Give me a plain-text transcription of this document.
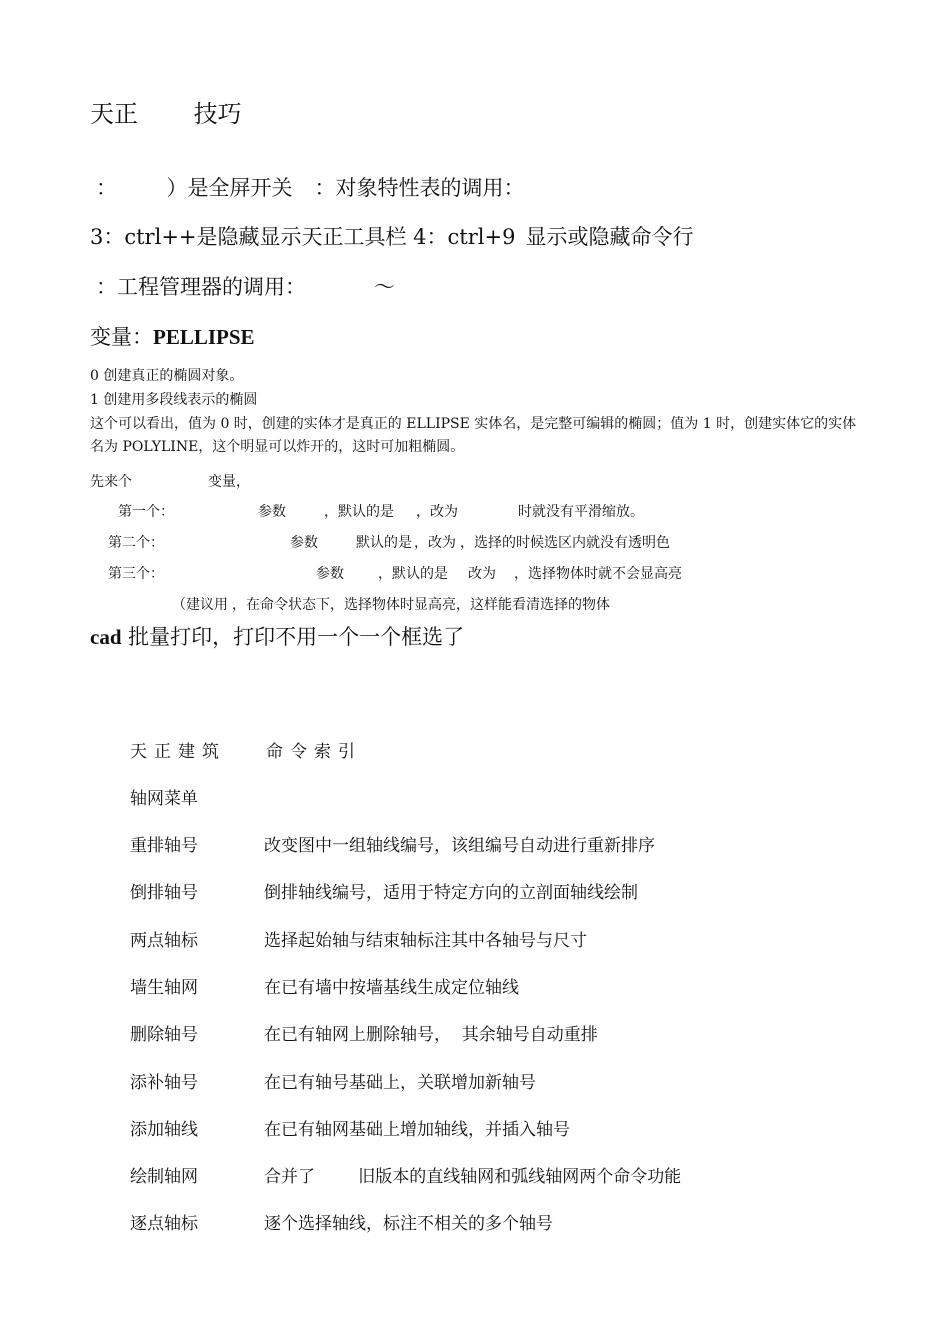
天正 技巧
：	）是全屏开关 ：对象特性表的调用：
3：ctrl++是隐藏显示天正工具栏 4：ctrl+9 显示或隐藏命令行
：工程管理器的调用：	～
变量：PELLIPSE
0 创建真正的椭圆对象。
1 创建用多段线表示的椭圆
这个可以看出，值为 0 时，创建的实体才是真正的 ELLIPSE 实体名，是完整可编辑的椭圆；值为 1 时，创建实体它的实体名为 POLYLINE，这个明显可以炸开的，这时可加粗椭圆。
先来个	变量，
第一个：	参数	，默认的是 ，改为	时就没有平滑缩放。
第二个：	参数	默认的是 ，改为 ，选择的时候选区内就没有透明色
第三个：	参数 ，默认的是 改为 ，选择物体时就不会显高亮
（建议用 ，在命令状态下，选择物体时显高亮，这样能看清选择的物体
cad 批量打印，打印不用一个一个框选了
天正建筑 命令索引
轴网菜单
重排轴号	改变图中一组轴线编号，该组编号自动进行重新排序
倒排轴号	倒排轴线编号，适用于特定方向的立剖面轴线绘制
两点轴标	选择起始轴与结束轴标注其中各轴号与尺寸
墙生轴网	在已有墙中按墙基线生成定位轴线
删除轴号	在已有轴网上删除轴号，  其余轴号自动重排
添补轴号	在已有轴号基础上，关联增加新轴号
添加轴线	在已有轴网基础上增加轴线，并插入轴号
绘制轴网	合并了        旧版本的直线轴网和弧线轴网两个命令功能
逐点轴标	逐个选择轴线，标注不相关的多个轴号
